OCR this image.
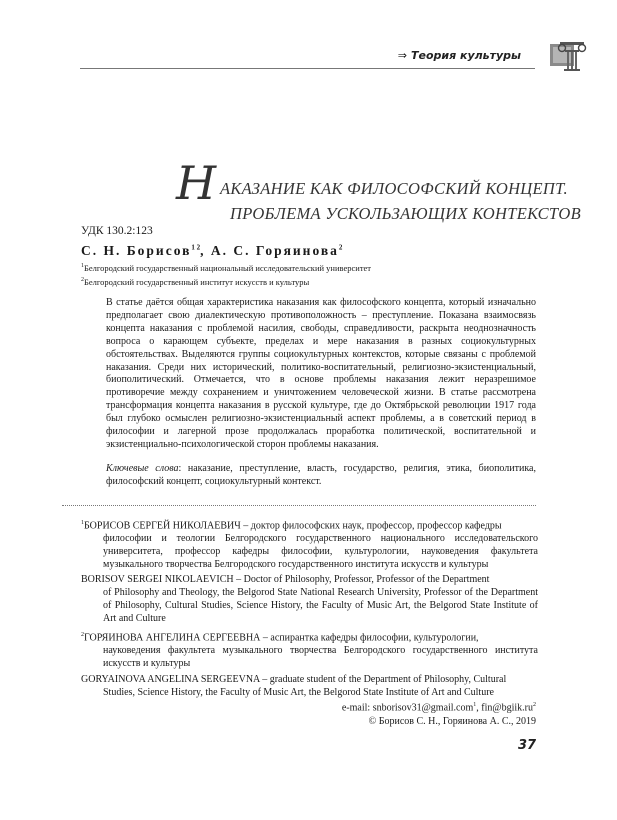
⇒ Теория культуры
Н АКАЗАНИЕ КАК ФИЛОСОФСКИЙ КОНЦЕПТ.
ПРОБЛЕМА УСКОЛЬЗАЮЩИХ КОНТЕКСТОВ
УДК 130.2:123
С. Н. Борисов$^{1 2}$, А. С. Горяинова$^2$
$^1$Белгородский государственный национальный исследовательский университет
$^2$Белгородский государственный институт искусств и культуры
В статье даётся общая характеристика наказания как философского концепта, который изначально предполагает свою диалектическую противоположность – преступление. Показана взаимосвязь концепта наказания с проблемой насилия, свободы, справедливости, раскрыта неоднозначность вопроса о карающем субъекте, пределах и мере наказания в разных социокультурных обстоятельствах. Выделяются группы социокультурных контекстов, которые связаны с проблемой наказания. Среди них исторический, политико-воспитательный, религиозно-экзистенциальный, биополитический. Отмечается, что в основе проблемы наказания лежит неразрешимое противоречие между сохранением и уничтожением человеческой жизни. В статье рассмотрена трансформация концепта наказания в русской культуре, где до Октябрьской революции 1917 года был глубоко осмыслен религиозно-экзистенциальный аспект проблемы, а в советский период в философии и лагерной прозе продолжалась проработка политической, воспитательной и экзистенциально-психологической сторон проблемы наказания.
Ключевые слова: наказание, преступление, власть, государство, религия, этика, биополитика, философский концепт, социокультурный контекст.
$^1$БОРИСОВ СЕРГЕЙ НИКОЛАЕВИЧ – доктор философских наук, профессор, профессор кафедры
философии и теологии Белгородского государственного национального исследовательского университета, профессор кафедры философии, культурологии, науковедения факультета музыкального творчества Белгородского государственного института искусств и культуры
BORISOV SERGEI NIKOLAEVICH – Doctor of Philosophy, Professor, Professor of the Department
of Philosophy and Theology, the Belgorod State National Research University, Professor of the Department of Philosophy, Cultural Studies, Science History, the Faculty of Music Art, the Belgorod State Institute of Art and Culture
$^2$ГОРЯИНОВА АНГЕЛИНА СЕРГЕЕВНА – аспирантка кафедры философии, культурологии,
науковедения факультета музыкального творчества Белгородского государственного института искусств и культуры
GORYAINOVA ANGELINA SERGEEVNA – graduate student of the Department of Philosophy, Cultural
Studies, Science History, the Faculty of Music Art, the Belgorod State Institute of Art and Culture
e-mail: snborisov31@gmail.com$^1$, $fin@bgiik.ru^2$
© Борисов С. Н., Горяинова А. С., 2019
37
